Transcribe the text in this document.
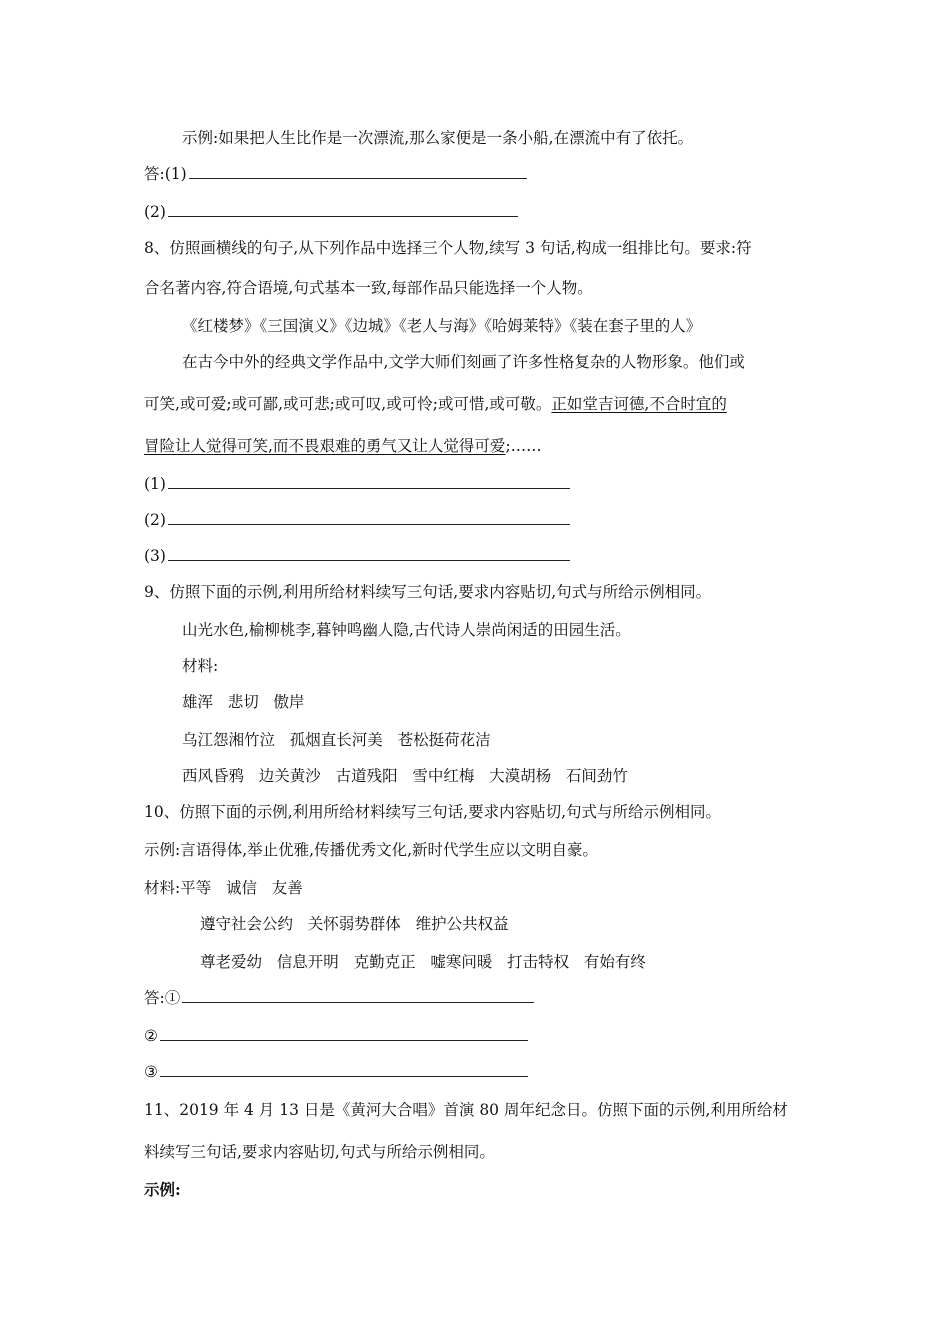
示例:如果把人生比作是一次漂流,那么家便是一条小船,在漂流中有了依托。
答:(1)
(2)
8、仿照画横线的句子,从下列作品中选择三个人物,续写 3 句话,构成一组排比句。要求:符
合名著内容,符合语境,句式基本一致,每部作品只能选择一个人物。
《红楼梦》《三国演义》《边城》《老人与海》《哈姆莱特》《装在套子里的人》
在古今中外的经典文学作品中,文学大师们刻画了许多性格复杂的人物形象。他们或
可笑,或可爱;或可鄙,或可悲;或可叹,或可怜;或可惜,或可敬。正如堂吉诃德,不合时宜的
冒险让人觉得可笑,而不畏艰难的勇气又让人觉得可爱;……
(1)
(2)
(3)
9、仿照下面的示例,利用所给材料续写三句话,要求内容贴切,句式与所给示例相同。
山光水色,榆柳桃李,暮钟鸣幽人隐,古代诗人崇尚闲适的田园生活。
材料:
雄浑   悲切   傲岸
乌江怨湘竹泣   孤烟直长河美   苍松挺荷花洁
西风昏鸦   边关黄沙   古道残阳   雪中红梅   大漠胡杨   石间劲竹
10、仿照下面的示例,利用所给材料续写三句话,要求内容贴切,句式与所给示例相同。
示例:言语得体,举止优雅,传播优秀文化,新时代学生应以文明自豪。
材料:平等   诚信   友善
遵守社会公约   关怀弱势群体   维护公共权益
尊老爱幼   信息开明   克勤克正   嘘寒问暖   打击特权   有始有终
答:①
②
③
11、2019 年 4 月 13 日是《黄河大合唱》首演 80 周年纪念日。仿照下面的示例,利用所给材
料续写三句话,要求内容贴切,句式与所给示例相同。
示例:
